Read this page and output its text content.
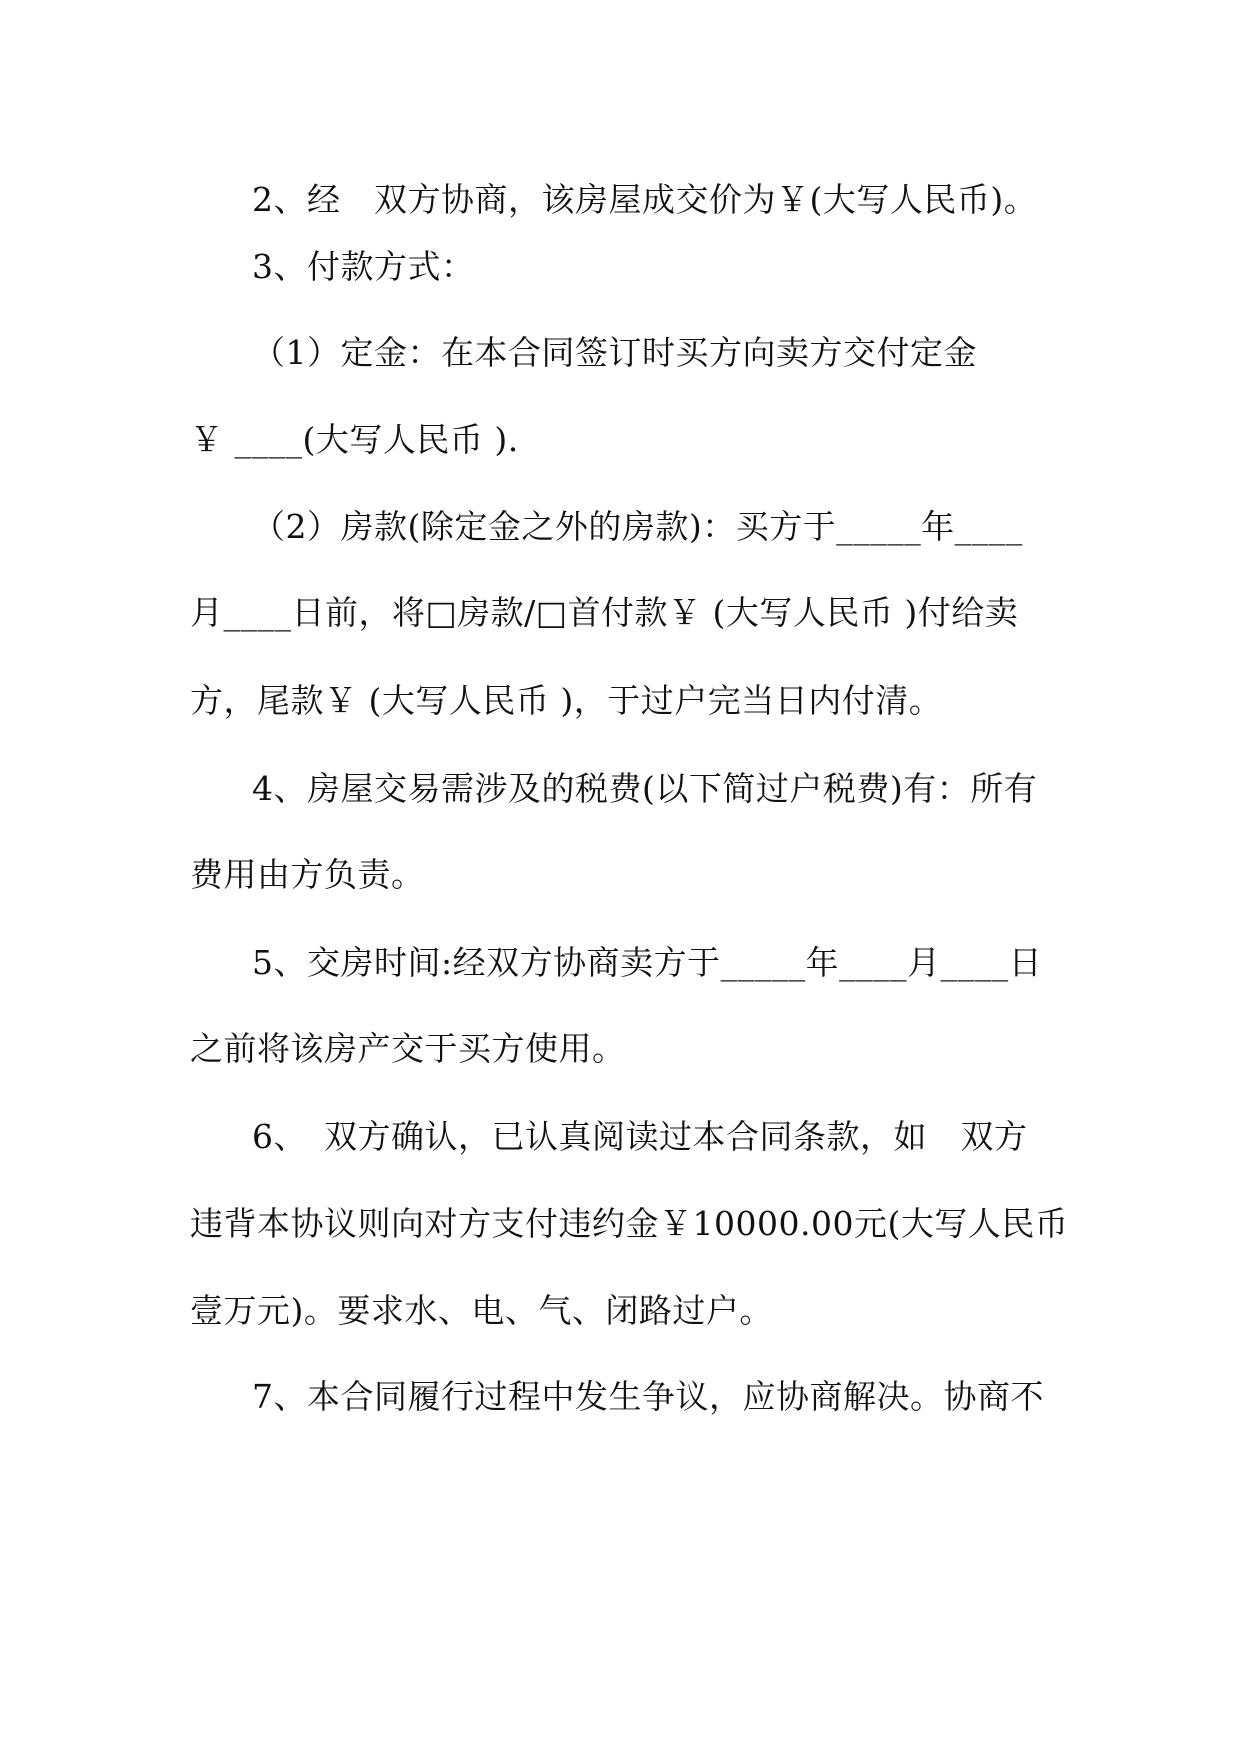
2、经　双方协商，该房屋成交价为￥(大写人民币)。
3、付款方式：
（1）定金：在本合同签订时买方向卖方交付定金
￥ ____(大写人民币 ).
（2）房款(除定金之外的房款)：买方于_____年____
月____日前，将□房款/□首付款￥ (大写人民币 )付给卖
方，尾款￥ (大写人民币 )，于过户完当日内付清。
4、房屋交易需涉及的税费(以下简过户税费)有：所有
费用由方负责。
5、交房时间:经双方协商卖方于_____年____月____日
之前将该房产交于买方使用。
6、　双方确认，已认真阅读过本合同条款，如　双方
违背本协议则向对方支付违约金￥10000.00元(大写人民币
壹万元)。要求水、电、气、闭路过户。
7、本合同履行过程中发生争议，应协商解决。协商不
